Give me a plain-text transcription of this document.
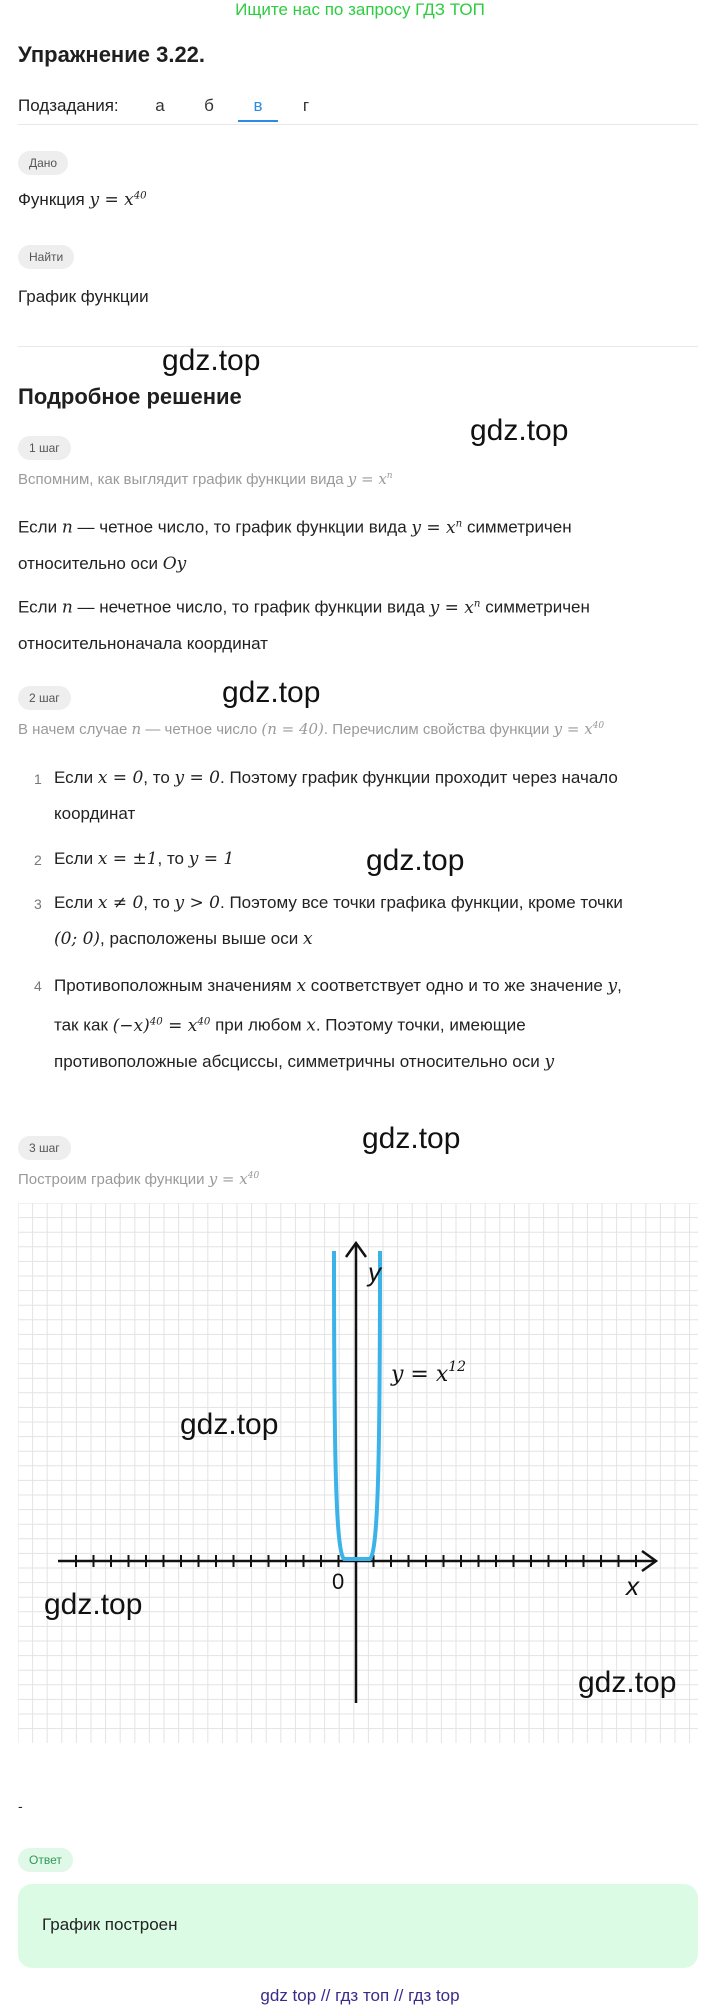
Ищите нас по запросу ГДЗ ТОП
Упражнение 3.22.
Подзадания:	а	б	в	г
Дано
Функция $y = x^{40}$
Найти
График функции
gdz.top
Подробное решение
gdz.top
1 шаг
Вспомним, как выглядит график функции вида $y = x^n$
Если n — четное число, то график функции вида $y = x^n$ симметричен
относительно оси Oy
Если n — нечетное число, то график функции вида $y = x^n$ симметричен
относительноначала координат
2 шаг	gdz.top
В начем случае n — четное число (n = 40). Перечислим свойства функции $y = x^{40}$
1 Если x = 0, то y = 0. Поэтому график функции проходит через начало
координат
2 Если x = ±1, то y = 1	gdz.top
3 Если x ≠ 0, то y > 0. Поэтому все точки графика функции, кроме точки
(0; 0), расположены выше оси x
4 Противоположным значениям x соответствует одно и то же значение y,
так как $(-x)^{40} = x^{40}$ при любом x. Поэтому точки, имеющие
противоположные абсциссы, симметричны относительно оси y
gdz.top
3 шаг
Построим график функции $y = x^{40}$
y
x
0
$y = x^{12}$
gdz.top
gdz.top
gdz.top
-
Ответ
График построен
gdz top // гдз топ // гдз top
